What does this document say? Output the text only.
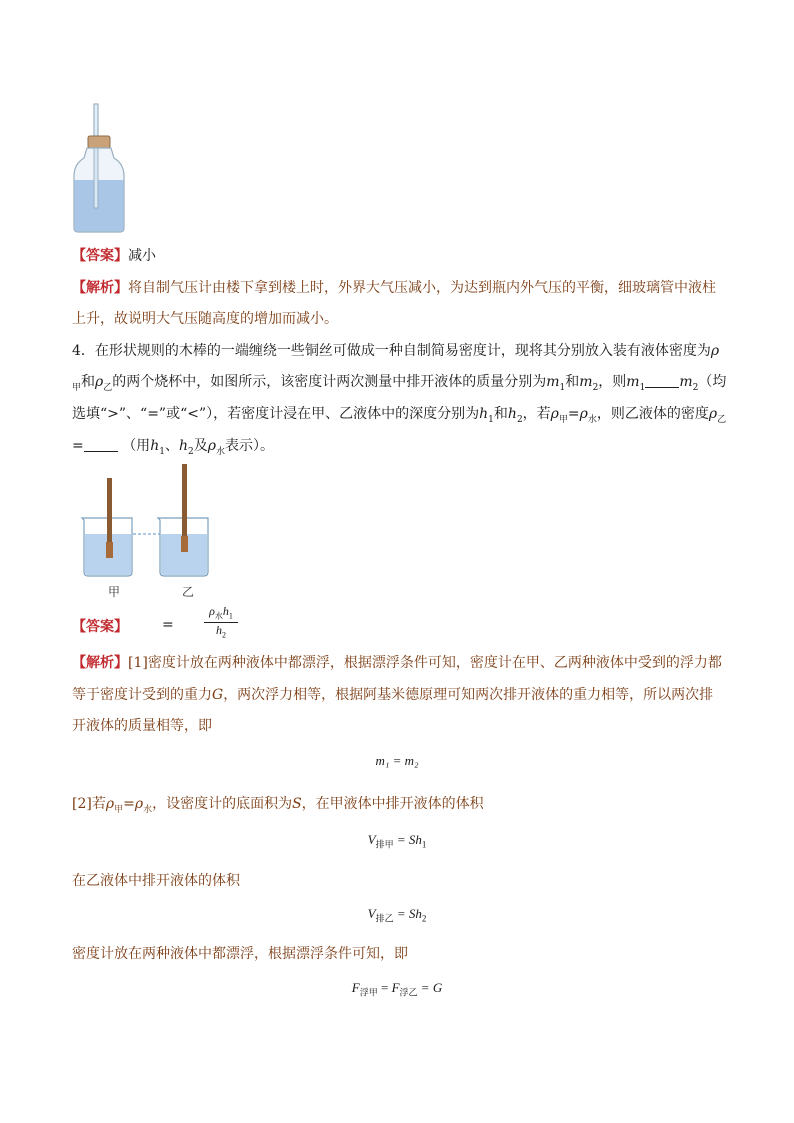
【答案】减小
【解析】将自制气压计由楼下拿到楼上时，外界大气压减小，为达到瓶内外气压的平衡，细玻璃管中液柱
上升，故说明大气压随高度的增加而减小。
4．在形状规则的木棒的一端缠绕一些铜丝可做成一种自制简易密度计，现将其分别放入装有液体密度为ρ
$_甲$和$\rho_乙$的两个烧杯中，如图所示，该密度计两次测量中排开液体的质量分别为$m_1$和$m_2$，则$m_1$ $m_2$（均
选填“>”、“=”或“<”），若密度计浸在甲、乙液体中的深度分别为$h_1$和$h_2$，若$\rho_甲=\rho_水$，则乙液体的密度$\rho_乙$
=	（用$h_1$、$h_2$及$\rho_水$表示）。
甲	乙
【答案】 =
$\rho_水h_1$
$h_2$
【解析】[1]密度计放在两种液体中都漂浮，根据漂浮条件可知，密度计在甲、乙两种液体中受到的浮力都
等于密度计受到的重力G，两次浮力相等，根据阿基米德原理可知两次排开液体的重力相等，所以两次排
开液体的质量相等，即
m₁ = m₂
[2]若$\rho_甲=\rho_水$，设密度计的底面积为S，在甲液体中排开液体的体积
$V_{排甲} = Sh_1$
在乙液体中排开液体的体积
$V_{排乙} = Sh_2$
密度计放在两种液体中都漂浮，根据漂浮条件可知，即
$F_{浮甲} = F_{浮乙} = G$
